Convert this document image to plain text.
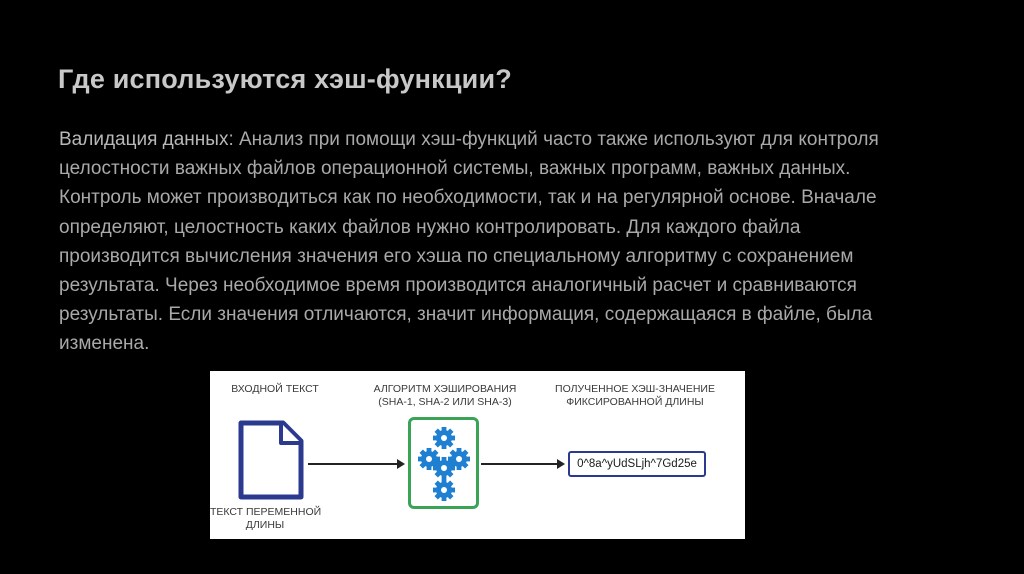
Где используются хэш-функции?
Валидация данных: Анализ при помощи хэш-функций часто также используют для контроля целостности важных файлов операционной системы, важных программ, важных данных. Контроль может производиться как по необходимости, так и на регулярной основе. Вначале определяют, целостность каких файлов нужно контролировать. Для каждого файла производится вычисления значения его хэша по специальному алгоритму с сохранением результата. Через необходимое время производится аналогичный расчет и сравниваются результаты. Если значения отличаются, значит информация, содержащаяся в файле, была изменена.
ВХОДНОЙ ТЕКСТ	АЛГОРИТМ ХЭШИРОВАНИЯ
(SHA-1, SHA-2 ИЛИ SHA-3)
ПОЛУЧЕННОЕ ХЭШ-ЗНАЧЕНИЕ
ФИКСИРОВАННОЙ ДЛИНЫ
0^8a^yUdSLjh^7Gd25e
ТЕКСТ ПЕРЕМЕННОЙ
ДЛИНЫ
